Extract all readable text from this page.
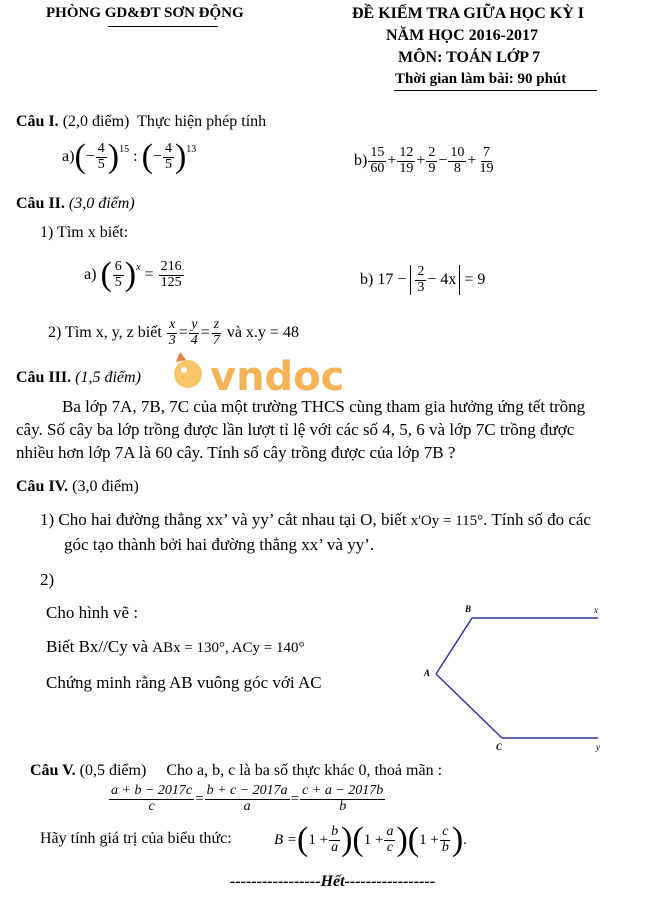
PHÒNG GD&ĐT SƠN ĐỘNG	ĐỀ KIỂM TRA GIỮA HỌC KỲ I
NĂM HỌC 2016-2017
MÔN: TOÁN LỚP 7
Thời gian làm bài: 90 phút
Câu I. (2,0 điểm) Thực hiện phép tính
a) ( − $\frac{4}{5}$ ) 15 : ( − $\frac{4}{5}$ ) 13
$b) \frac{15}{60} + \frac{12}{19} + \frac{2}{9} - \frac{10}{8} + \frac{7}{19}$
Câu II. (3,0 điểm)
1) Tìm x biết:
a)
( $\frac{6}{5}$ ) $x = \frac{216}{125}$	b)
17 −
$\frac{2}{3} - 4x$
= 9
2) Tìm x, y, z biết
$\frac{x}{3} = \frac{y}{4} = \frac{z}{7}$
và x.y = 48
Câu III. (1,5 điểm) vndoc
Ba lớp 7A, 7B, 7C của một trường THCS cùng tham gia hưởng ứng tết trồng
cây. Số cây ba lớp trồng được lần lượt tỉ lệ với các số 4, 5, 6 và lớp 7C trồng được
nhiều hơn lớp 7A là 60 cây. Tính số cây trồng được của lớp 7B ?
Câu IV. (3,0 điểm)
1) Cho hai đường thẳng xx’ và yy’ cắt nhau tại O, biết x'Oy = 115°. Tính số đo các
góc tạo thành bởi hai đường thẳng xx’ và yy’.
2)
Cho hình vẽ :
Biết Bx//Cy và ABx = 130°, ACy = 140°
Chứng minh rằng AB vuông góc với AC
B	x
A
C	y
Câu V. (0,5 điểm) Cho a, b, c là ba số thực khác 0, thoả mãn :
$\frac{a + b - 2017c}{c} = \frac{b + c - 2017a}{a} = \frac{c + a - 2017b}{b}$
Hãy tính giá trị của biểu thức:	B = ( $1 + \frac{b}{a}$ )( $1 + \frac{a}{c}$ )( $1 + \frac{c}{b}$ ) .
-----------------Hết-----------------
